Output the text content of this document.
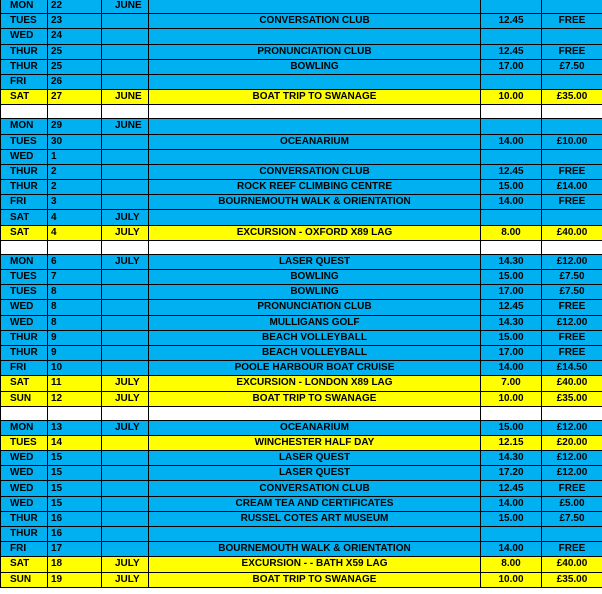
MON	22	JUNE			
TUES	23		CONVERSATION CLUB	12.45	FREE
WED	24				
THUR	25		PRONUNCIATION CLUB	12.45	FREE
THUR	25		BOWLING	17.00	£7.50
FRI	26				
SAT	27	JUNE	BOAT TRIP TO SWANAGE	10.00	£35.00

MON	29	JUNE			
TUES	30		OCEANARIUM	14.00	£10.00
WED	1				
THUR	2		CONVERSATION CLUB	12.45	FREE
THUR	2		ROCK REEF CLIMBING CENTRE	15.00	£14.00
FRI	3		BOURNEMOUTH WALK & ORIENTATION	14.00	FREE
SAT	4	JULY			
SAT	4	JULY	EXCURSION - OXFORD X89 LAG	8.00	£40.00

MON	6	JULY	LASER QUEST	14.30	£12.00
TUES	7		BOWLING	15.00	£7.50
TUES	8		BOWLING	17.00	£7.50
WED	8		PRONUNCIATION CLUB	12.45	FREE
WED	8		MULLIGANS GOLF	14.30	£12.00
THUR	9		BEACH VOLLEYBALL	15.00	FREE
THUR	9		BEACH VOLLEYBALL	17.00	FREE
FRI	10		POOLE HARBOUR BOAT CRUISE	14.00	£14.50
SAT	11	JULY	EXCURSION - LONDON X89 LAG	7.00	£40.00
SUN	12	JULY	BOAT TRIP TO SWANAGE	10.00	£35.00

MON	13	JULY	OCEANARIUM	15.00	£12.00
TUES	14		WINCHESTER HALF DAY	12.15	£20.00
WED	15		LASER QUEST	14.30	£12.00
WED	15		LASER QUEST	17.20	£12.00
WED	15		CONVERSATION CLUB	12.45	FREE
WED	15		CREAM TEA AND CERTIFICATES	14.00	£5.00
THUR	16		RUSSEL COTES ART MUSEUM	15.00	£7.50
THUR	16				
FRI	17		BOURNEMOUTH WALK & ORIENTATION	14.00	FREE
SAT	18	JULY	EXCURSION - - BATH X59 LAG	8.00	£40.00
SUN	19	JULY	BOAT TRIP TO SWANAGE	10.00	£35.00
